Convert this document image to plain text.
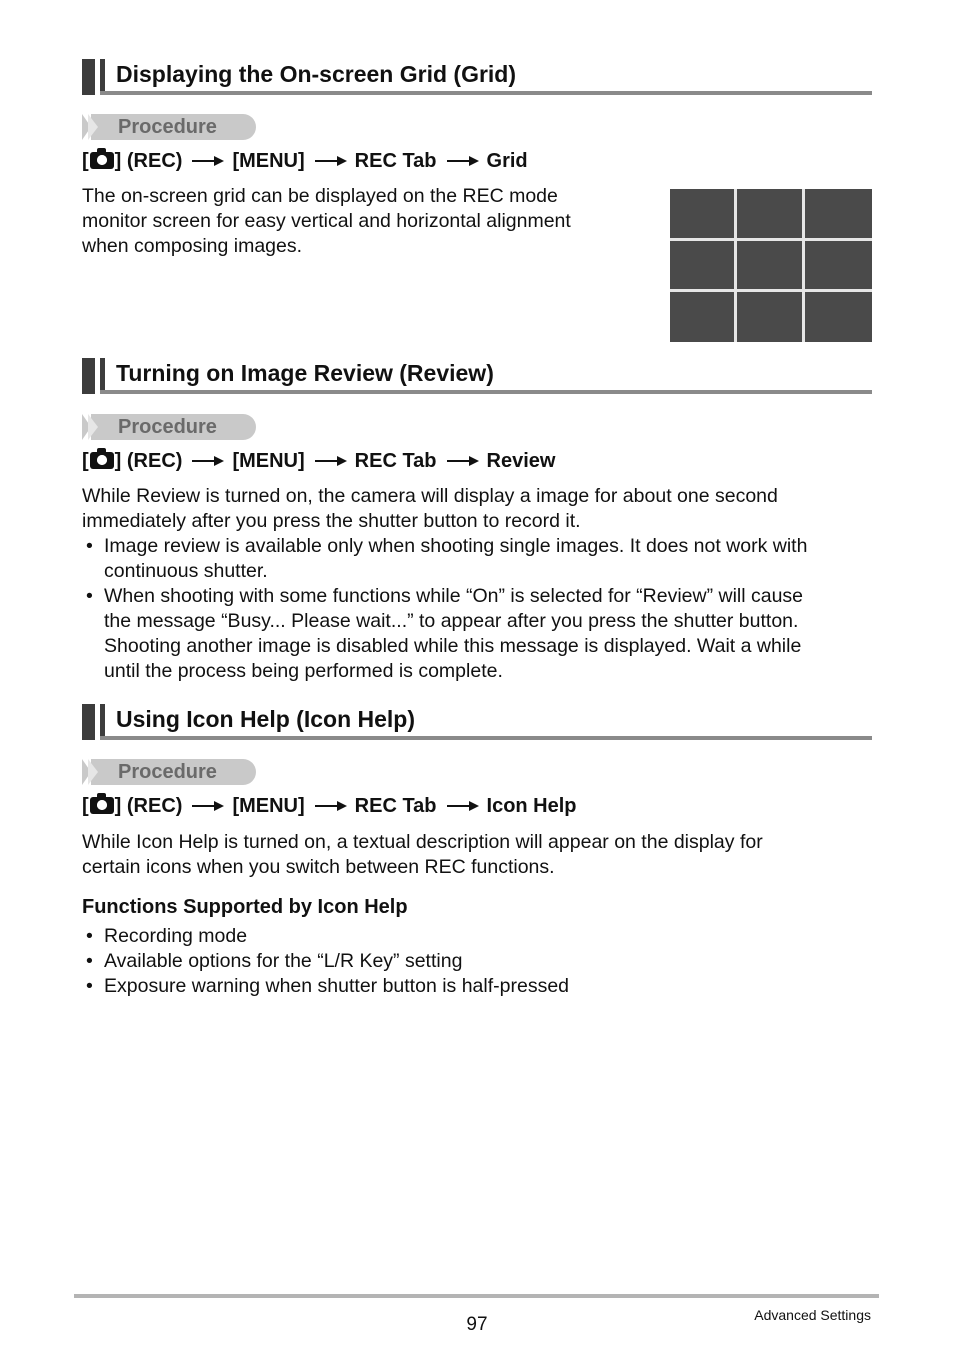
Displaying the On-screen Grid (Grid)
Procedure
[ ] (REC)	[MENU]	REC Tab	Grid
The on-screen grid can be displayed on the REC mode
monitor screen for easy vertical and horizontal alignment
when composing images.
Turning on Image Review (Review)
Procedure
[ ] (REC)	[MENU]	REC Tab	Review
While Review is turned on, the camera will display a image for about one second
immediately after you press the shutter button to record it.
• Image review is available only when shooting single images. It does not work with
continuous shutter.
• When shooting with some functions while “On” is selected for “Review” will cause
the message “Busy... Please wait...” to appear after you press the shutter button.
Shooting another image is disabled while this message is displayed. Wait a while
until the process being performed is complete.
Using Icon Help (Icon Help)
Procedure
[ ] (REC)	[MENU]	REC Tab	Icon Help
While Icon Help is turned on, a textual description will appear on the display for
certain icons when you switch between REC functions.
Functions Supported by Icon Help
• Recording mode
• Available options for the “L/R Key” setting
• Exposure warning when shutter button is half-pressed
97	Advanced Settings
